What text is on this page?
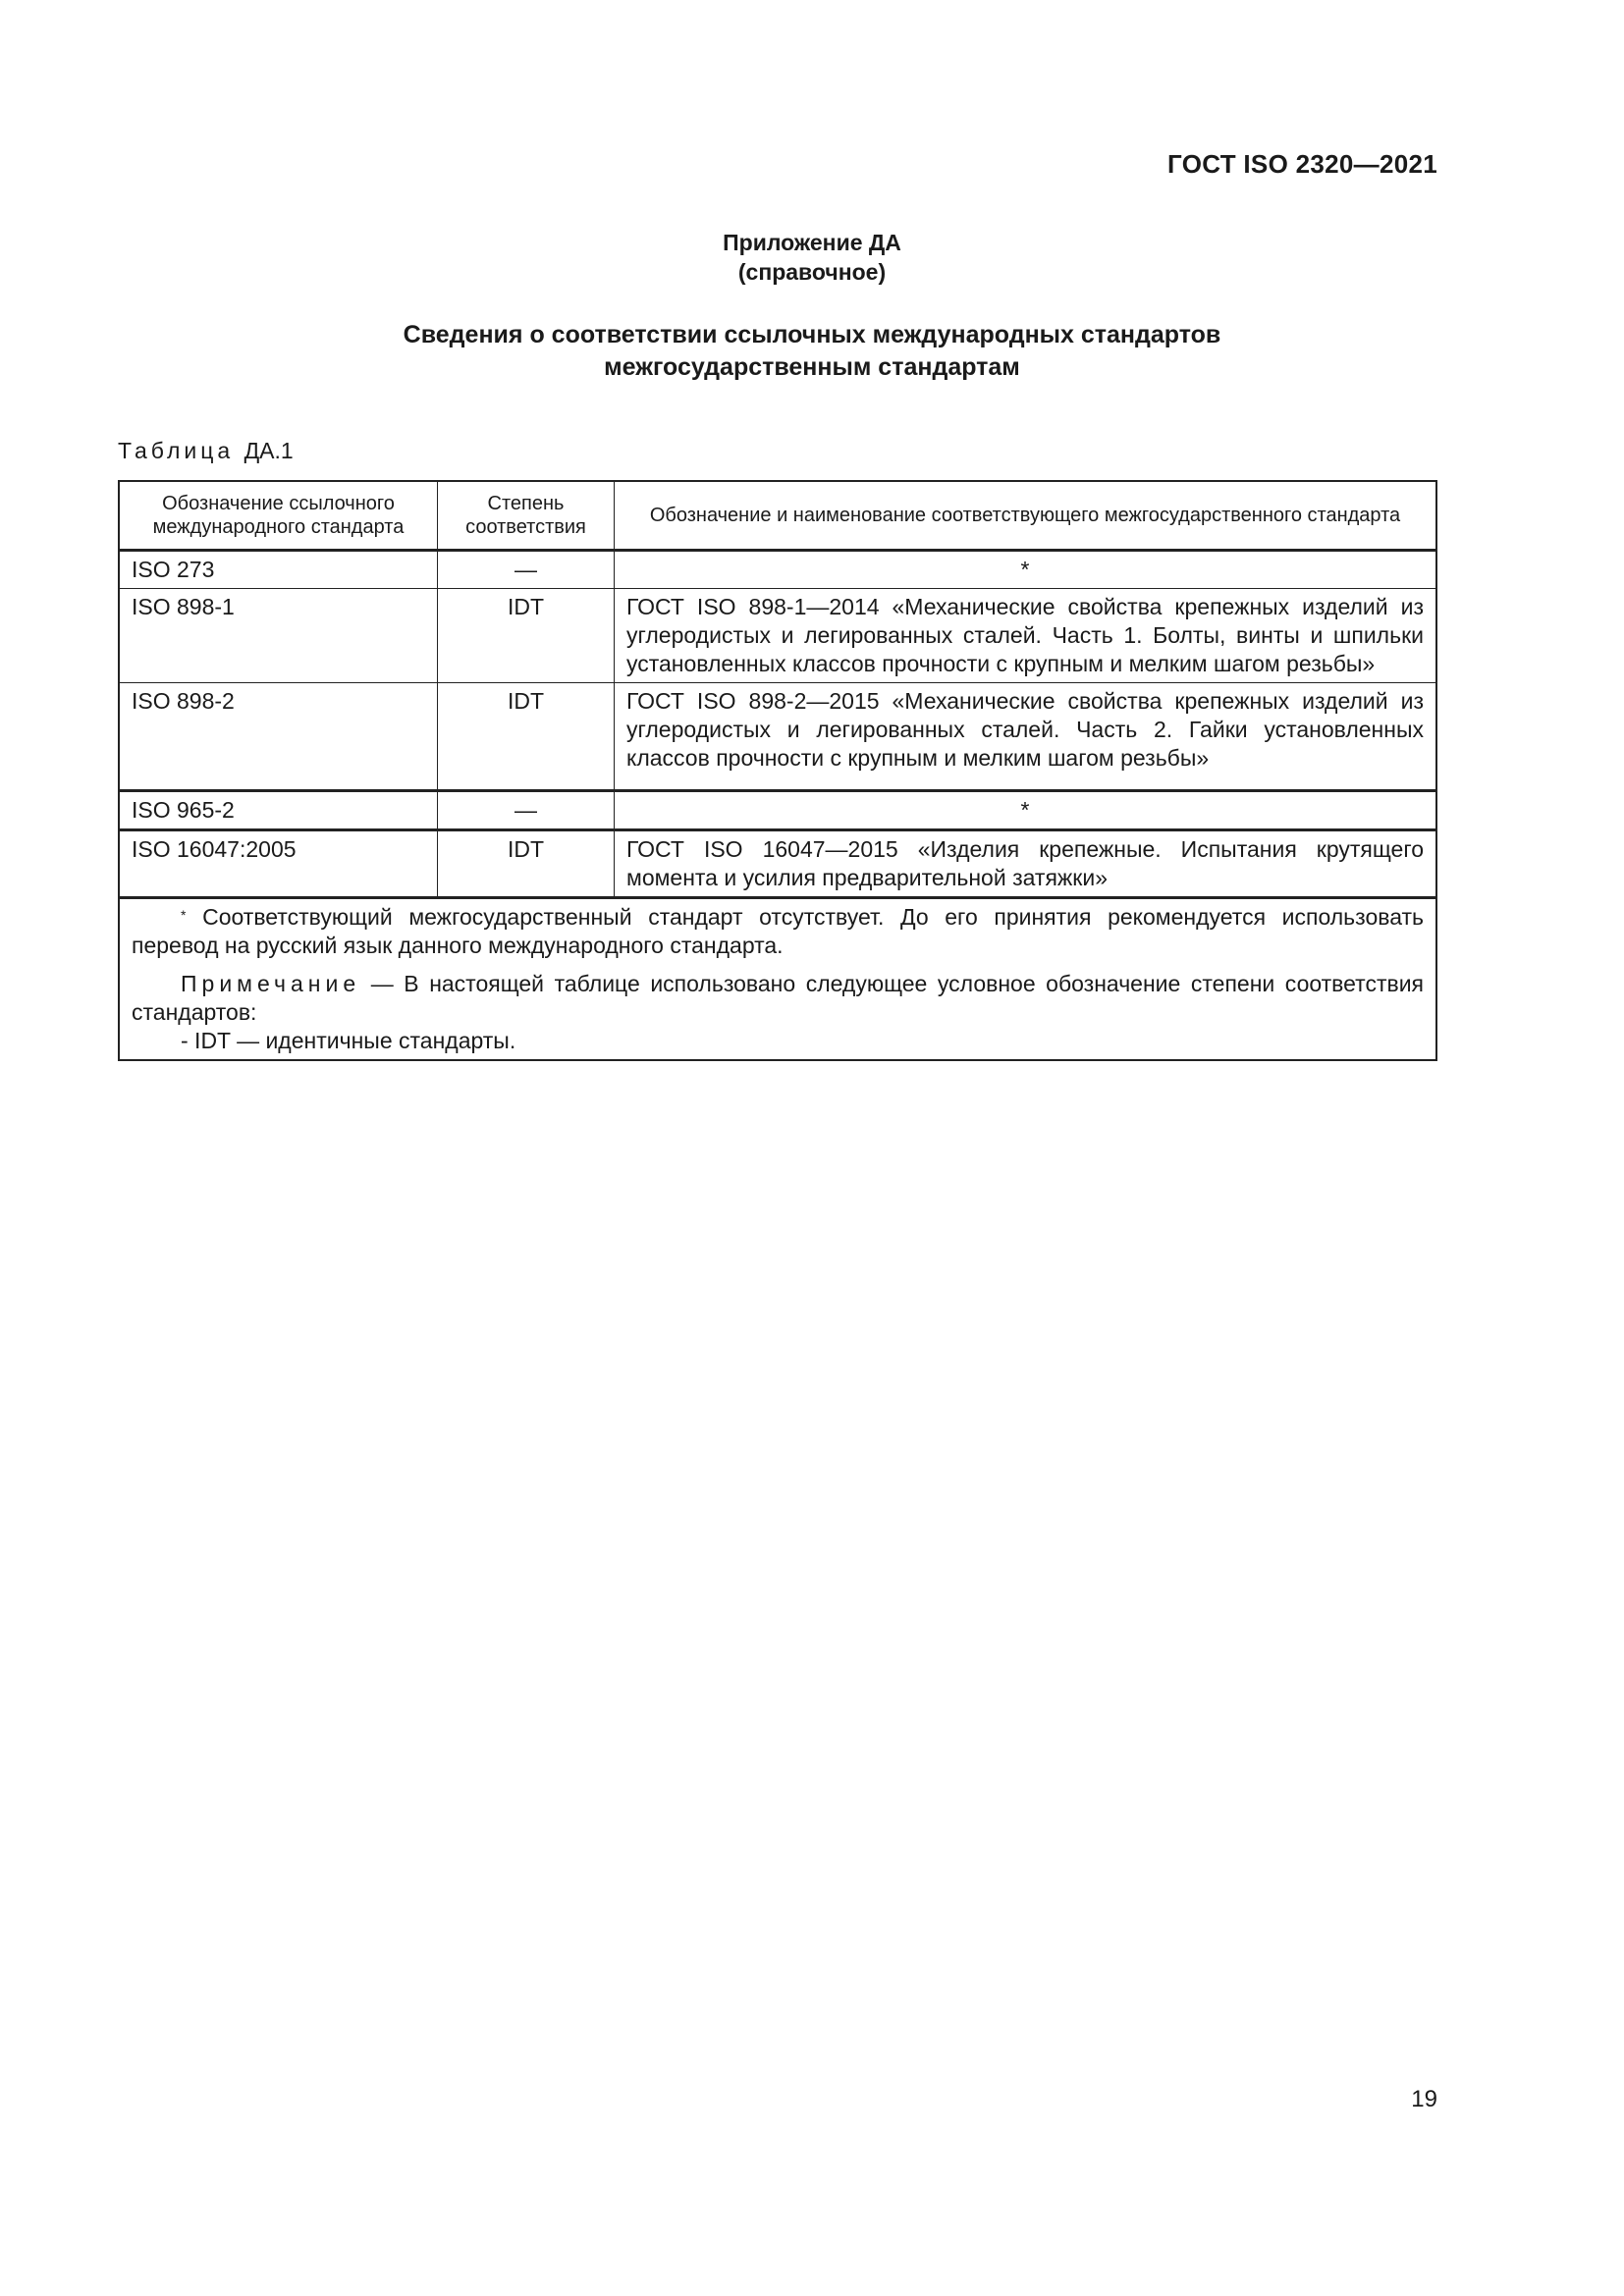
ГОСТ ISO 2320—2021
Приложение ДА
(справочное)
Сведения о соответствии ссылочных международных стандартов
межгосударственным стандартам
Таблица ДА.1
Обозначение ссылочного международного стандарта	Степень соответствия	Обозначение и наименование соответствующего межгосударственного стандарта
ISO 273	—	*
ISO 898-1	IDT	ГОСТ ISO 898-1—2014 «Механические свойства крепежных изделий из углеродистых и легированных сталей. Часть 1. Болты, винты и шпильки установленных классов прочности с крупным и мелким шагом резьбы»
ISO 898-2	IDT	ГОСТ ISO 898-2—2015 «Механические свойства крепежных изделий из углеродистых и легированных сталей. Часть 2. Гайки установленных классов прочности с крупным и мелким шагом резьбы»
ISO 965-2	—	*
ISO 16047:2005	IDT	ГОСТ ISO 16047—2015 «Изделия крепежные. Испытания крутящего момента и усилия предварительной затяжки»

* Соответствующий межгосударственный стандарт отсутствует. До его принятия рекомендуется использовать перевод на русский язык данного международного стандарта.

Примечание — В настоящей таблице использовано следующее условное обозначение степени соответствия стандартов:

- IDT — идентичные стандарты.		

19
